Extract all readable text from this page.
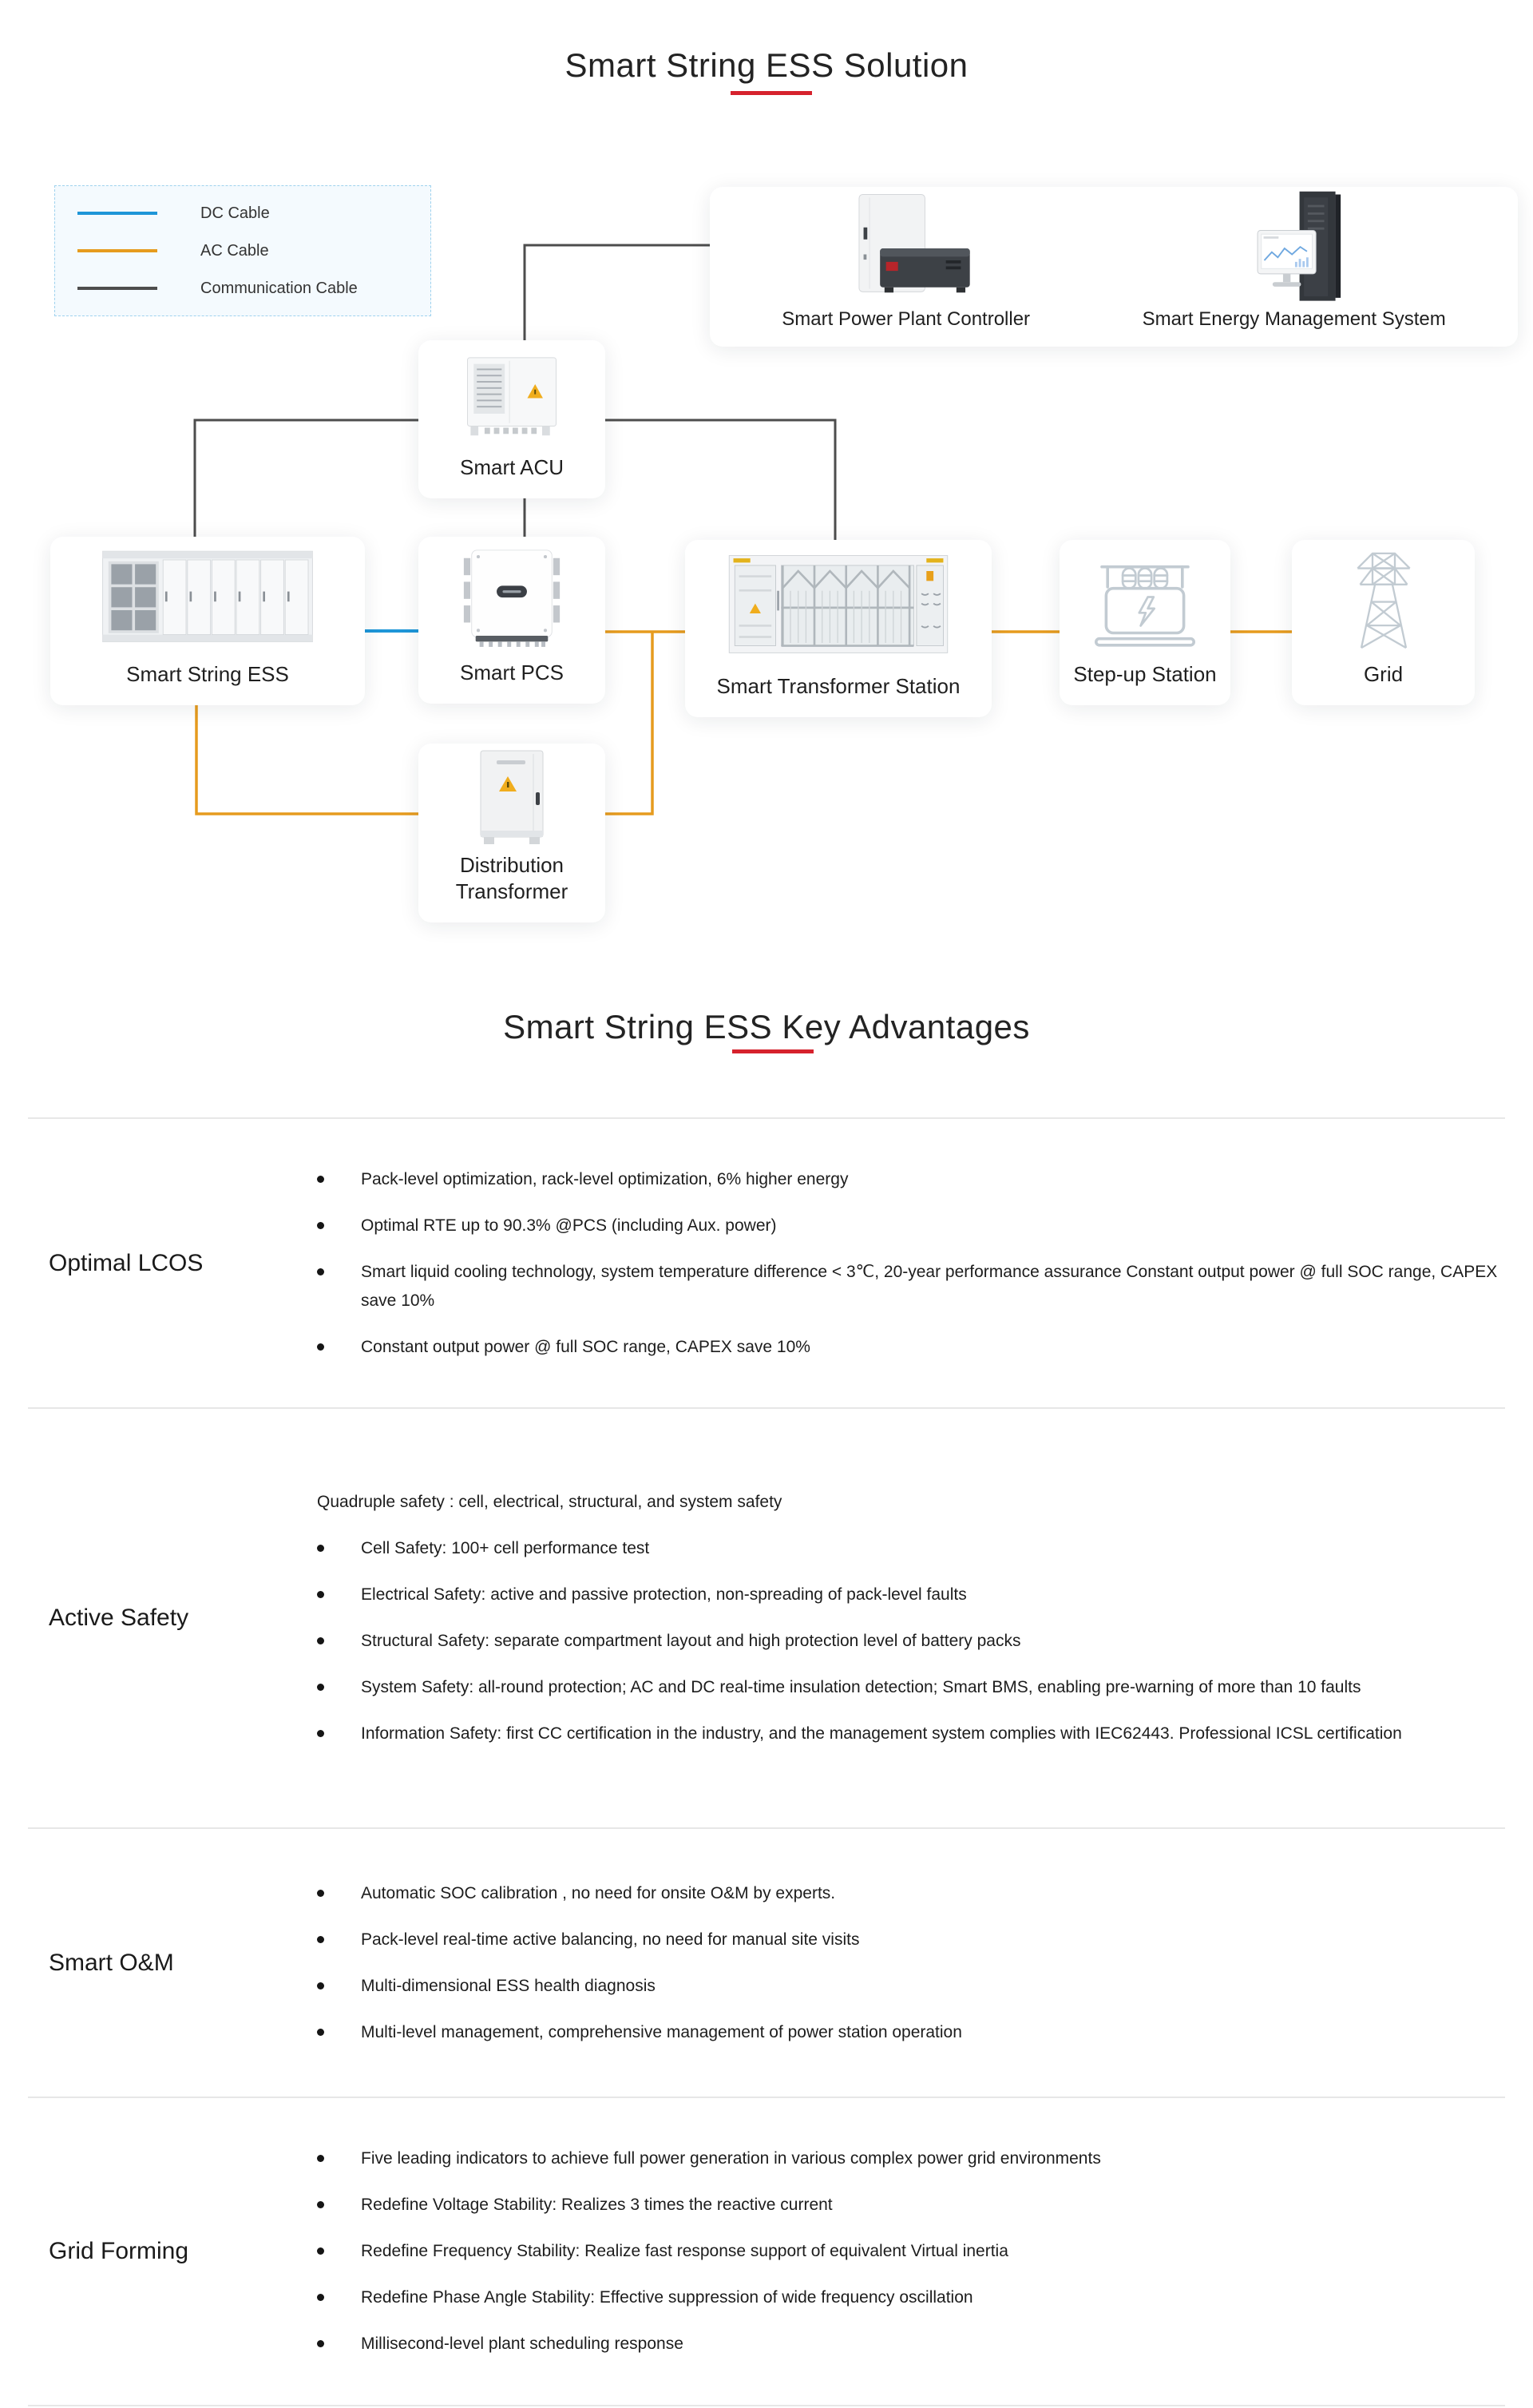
Smart String ESS Solution
DC Cable
AC Cable
Communication Cable
Smart Power Plant Controller	Smart Energy Management System
Smart ACU
Smart String ESS	Smart PCS
Smart Transformer Station	Step-up Station	Grid
Distribution Transformer
Smart String ESS Key Advantages
Optimal LCOS
Pack-level optimization, rack-level optimization, 6% higher energy
Optimal RTE up to 90.3% @PCS (including Aux. power)
Smart liquid cooling technology, system temperature difference < 3℃, 20-year performance assurance Constant output power @ full SOC range, CAPEX save 10%
Constant output power @ full SOC range, CAPEX save 10%
Active Safety
Quadruple safety : cell, electrical, structural, and system safety
Cell Safety: 100+ cell performance test
Electrical Safety: active and passive protection, non-spreading of pack-level faults
Structural Safety: separate compartment layout and high protection level of battery packs
System Safety: all-round protection; AC and DC real-time insulation detection; Smart BMS, enabling pre-warning of more than 10 faults
Information Safety: first CC certification in the industry, and the management system complies with IEC62443. Professional ICSL certification
Smart O&M
Automatic SOC calibration , no need for onsite O&M by experts.
Pack-level real-time active balancing, no need for manual site visits
Multi-dimensional ESS health diagnosis
Multi-level management, comprehensive management of power station operation
Grid Forming
Five leading indicators to achieve full power generation in various complex power grid environments
Redefine Voltage Stability: Realizes 3 times the reactive current
Redefine Frequency Stability: Realize fast response support of equivalent Virtual inertia
Redefine Phase Angle Stability: Effective suppression of wide frequency oscillation
Millisecond-level plant scheduling response
